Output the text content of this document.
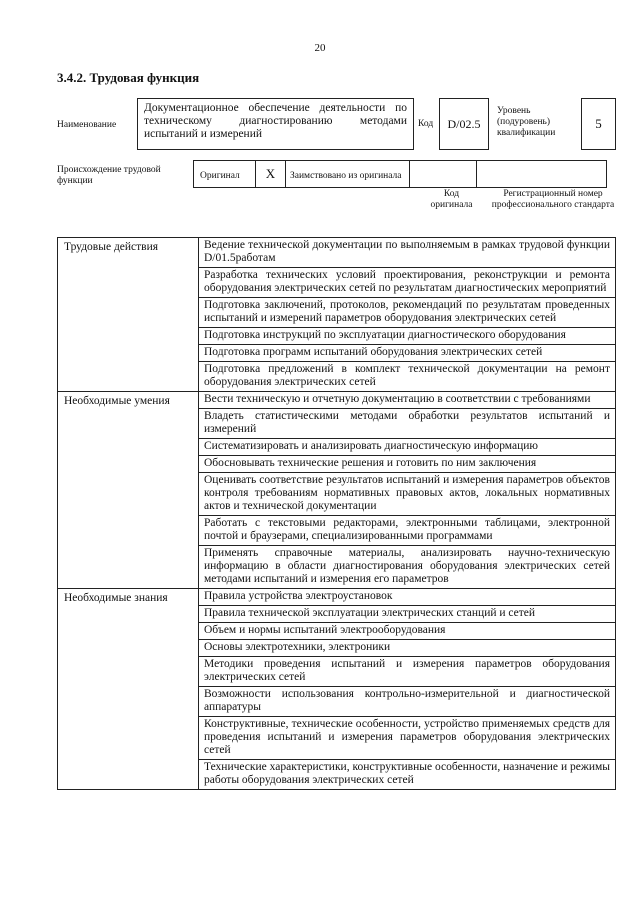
20
3.4.2. Трудовая функция
Наименование
Документационное обеспечение деятельности по техническому диагностированию методами испытаний и измерений
Код D/02.5
Уровень (подуровень) квалификации
5
Происхождение трудовой функции	Оригинал	X	Заимствовано из оригинала		
Код оригинала
Регистрационный номер профессионального стандарта
Трудовые действия	Ведение технической документации по выполняемым в рамках трудовой функции D/01.5работам
	Разработка технических условий проектирования, реконструкции и ремонта оборудования электрических сетей по результатам диагностических мероприятий
	Подготовка заключений, протоколов, рекомендаций по результатам проведенных испытаний и измерений параметров оборудования электрических сетей
	Подготовка инструкций по эксплуатации диагностического оборудования
	Подготовка программ испытаний оборудования электрических сетей
	Подготовка предложений в комплект технической документации на ремонт оборудования электрических сетей
Необходимые умения	Вести техническую и отчетную документацию в соответствии с требованиями
	Владеть статистическими методами обработки результатов испытаний и измерений
	Систематизировать и анализировать диагностическую информацию
	Обосновывать технические решения и готовить по ним заключения
	Оценивать соответствие результатов испытаний и измерения параметров объектов контроля требованиям нормативных правовых актов, локальных нормативных актов и технической документации
	Работать с текстовыми редакторами, электронными таблицами, электронной почтой и браузерами, специализированными программами
	Применять справочные материалы, анализировать научно-техническую информацию в области диагностирования оборудования электрических сетей методами испытаний и измерения его параметров
Необходимые знания	Правила устройства электроустановок
	Правила технической эксплуатации электрических станций и сетей
	Объем и нормы испытаний электрооборудования
	Основы электротехники, электроники
	Методики проведения испытаний и измерения параметров оборудования электрических сетей
	Возможности использования контрольно-измерительной и диагностической аппаратуры
	Конструктивные, технические особенности, устройство применяемых средств для проведения испытаний и измерения параметров оборудования электрических сетей
	Технические характеристики, конструктивные особенности, назначение и режимы работы оборудования электрических сетей
